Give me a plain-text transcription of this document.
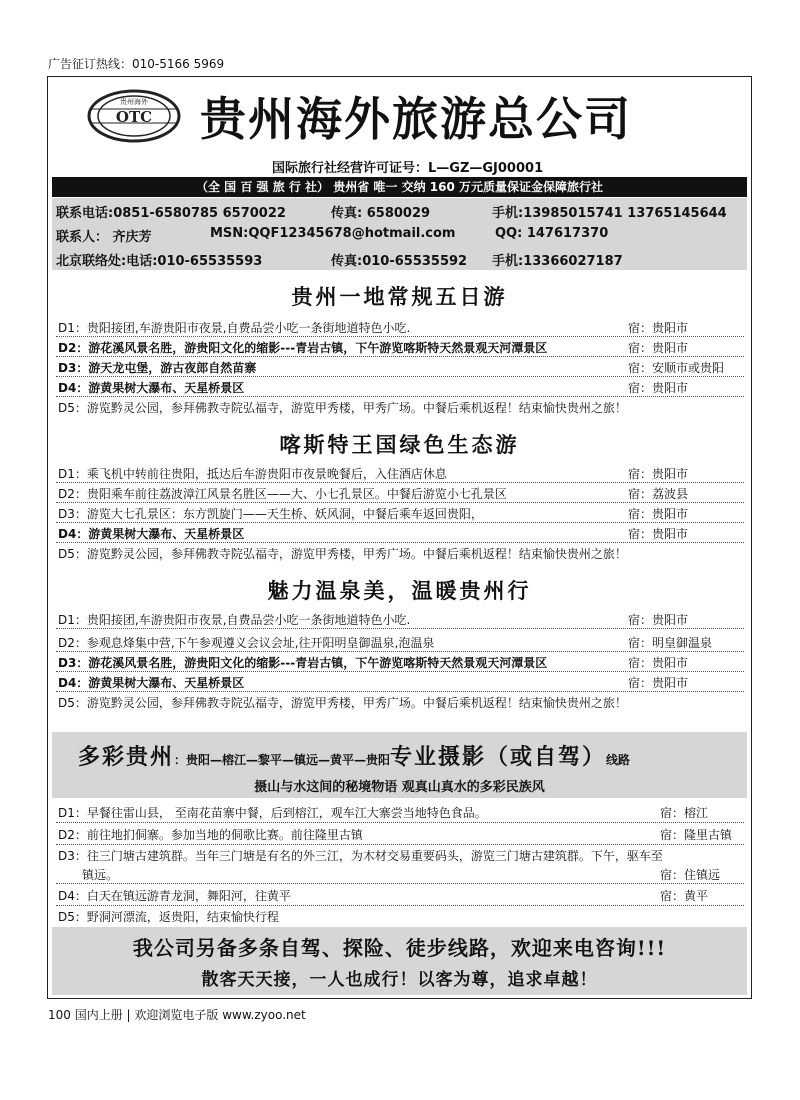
广告征订热线：010-5166 5969
贵州海外
OTC 贵州海外旅游总公司
国际旅行社经营许可证号：L—GZ—GJ00001
（全 国 百 强 旅 行 社） 贵州省 唯一 交纳 160 万元质量保证金保障旅行社
联系电话:0851-6580785 6570022	传真: 6580029	手机:13985015741 13765145644
联系人： 齐庆芳	MSN:QQF12345678@hotmail.com	QQ: 147617370
北京联络处:电话:010-65535593	传真:010-65535592 手机:13366027187
贵州一地常规五日游
D1：贵阳接团,车游贵阳市夜景,自费品尝小吃一条街地道特色小吃.	宿：贵阳市
D2：游花溪风景名胜，游贵阳文化的缩影---青岩古镇，下午游览喀斯特天然景观天河潭景区	宿：贵阳市
D3：游天龙屯堡，游古夜郎自然苗寨	宿：安顺市或贵阳
D4：游黄果树大瀑布、天星桥景区	宿：贵阳市
D5：游览黔灵公园，参拜佛教寺院弘福寺，游览甲秀楼，甲秀广场。中餐后乘机返程！结束愉快贵州之旅！
喀斯特王国绿色生态游
D1：乘飞机中转前往贵阳，抵达后车游贵阳市夜景晚餐后，入住酒店休息	宿：贵阳市
D2：贵阳乘车前往荔波漳江风景名胜区——大、小七孔景区。中餐后游览小七孔景区	宿：荔波县
D3：游览大七孔景区：东方凯旋门——天生桥、妖风洞，中餐后乘车返回贵阳，	宿：贵阳市
D4：游黄果树大瀑布、天星桥景区	宿：贵阳市
D5：游览黔灵公园，参拜佛教寺院弘福寺，游览甲秀楼，甲秀广场。中餐后乘机返程！结束愉快贵州之旅！
魅力温泉美，温暖贵州行
D1：贵阳接团,车游贵阳市夜景,自费品尝小吃一条街地道特色小吃.	宿：贵阳市
D2：参观息烽集中营,下午参观遵义会议会址,往开阳明皇御温泉,泡温泉	宿：明皇御温泉
D3：游花溪风景名胜，游贵阳文化的缩影---青岩古镇，下午游览喀斯特天然景观天河潭景区	宿：贵阳市
D4：游黄果树大瀑布、天星桥景区	宿：贵阳市
D5：游览黔灵公园，参拜佛教寺院弘福寺，游览甲秀楼，甲秀广场。中餐后乘机返程！结束愉快贵州之旅！
多彩贵州：贵阳—榕江—黎平—镇远—黄平—贵阳专业摄影（或自驾）线路
摄山与水这间的秘境物语 观真山真水的多彩民族风
D1：早餐往雷山县， 至南花苗寨中餐，后到榕江，观车江大寨尝当地特色食品。	宿：榕江
D2：前往地扪侗寨。参加当地的侗歌比赛。前往隆里古镇	宿：隆里古镇
D3：往三门塘古建筑群。当年三门塘是有名的外三江，为木材交易重要码头，游览三门塘古建筑群。下午，驱车至
镇远。	宿：住镇远
D4：白天在镇远游青龙洞，舞阳河，往黄平	宿：黄平
D5：野洞河漂流，返贵阳，结束愉快行程
我公司另备多条自驾、探险、徒步线路，欢迎来电咨询!!!
散客天天接，一人也成行！以客为尊，追求卓越！
100 国内上册 | 欢迎浏览电子版 www.zyoo.net
